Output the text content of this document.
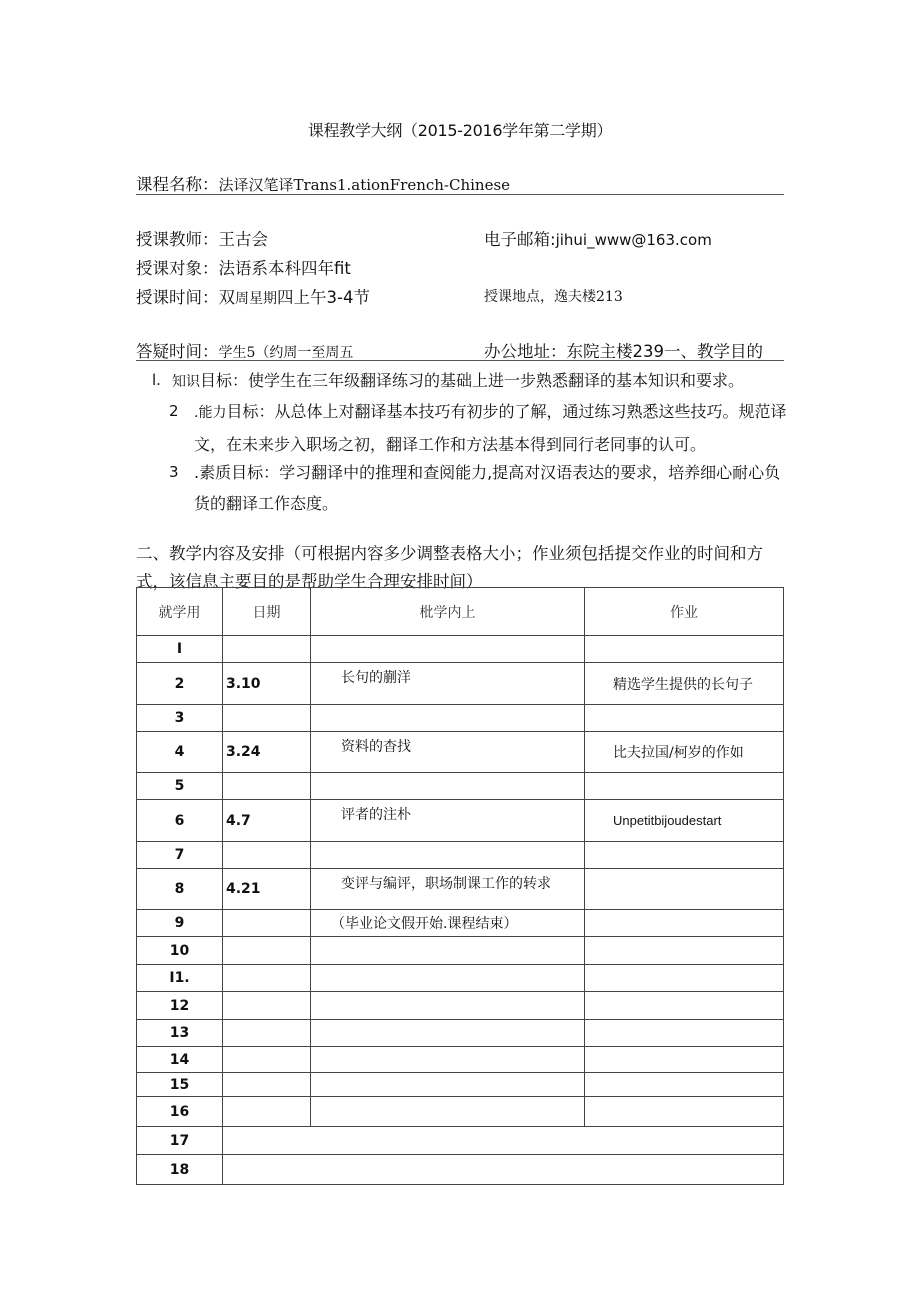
课程教学大纲（2015-2016学年第二学期）
课程名称：法译汉笔译Trans1.ationFrench-Chinese
授课教师：王古会	电子邮箱:jihui_www@163.com
授课对象：法语系本科四年fit
授课时间：双周星期四上午3-4节	授课地点，逸夫楼213
答疑时间：学生5（约周一至周五	办公地址：东院主楼239一、教学目的
l. 知识目标：使学生在三年级翻译练习的基础上进一步熟悉翻译的基本知识和要求。
2 .能力目标：从总体上对翻译基本技巧有初步的了解，通过练习熟悉这些技巧。规范译文，在未来步入职场之初，翻译工作和方法基本得到同行老同事的认可。
3 .素质目标：学习翻译中的推理和查阅能力,提高对汉语表达的要求，培养细心耐心负货的翻译工作态度。
二、教学内容及安排（可根据内容多少调整表格大小；作业须包括提交作业的时间和方式，该信息主要目的是帮助学生合理安排时间）
就学用	日期	枇学内上	作业
I			
2	3.10	长句的蒯洋	精选学生提供的长句子
3			
4	3.24	资料的杳找	比夫拉国/柯岁的作如
5			
6	4.7	评者的注朴	Unpetitbijoudestart
7			
8	4.21	变评与编评，职场制课工作的转求	
9		（毕业论文假开始.课程结束）	
10			
I1.			
12			
13			
14			
15			
16			
17			
18			
